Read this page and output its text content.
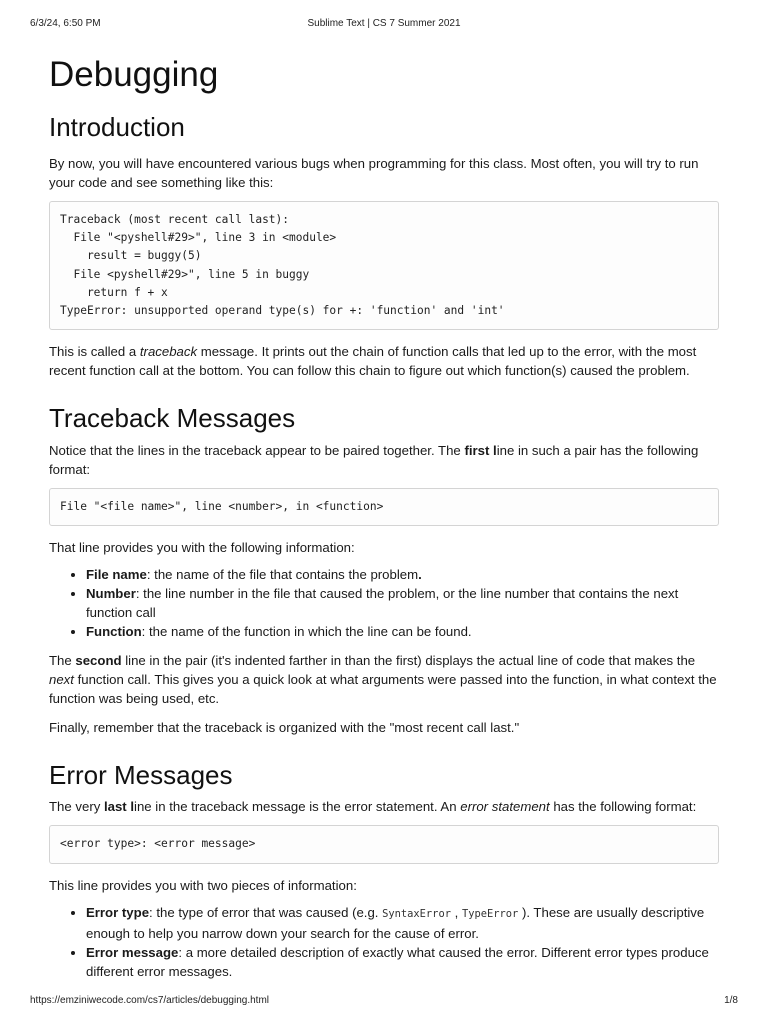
6/3/24, 6:50 PM	Sublime Text | CS 7 Summer 2021
Debugging
Introduction

By now, you will have encountered various bugs when programming for this class. Most often, you will try to run your code and see something like this:

Traceback (most recent call last):
File "<pyshell#29>", line 3 in <module>
result = buggy(5)
File <pyshell#29>", line 5 in buggy
return f + x
TypeError: unsupported operand type(s) for +: 'function' and 'int'

This is called a traceback message. It prints out the chain of function calls that led up to the error, with the most recent function call at the bottom. You can follow this chain to figure out which function(s) caused the problem.

Traceback Messages

Notice that the lines in the traceback appear to be paired together. The first line in such a pair has the following format:

File "<file name>", line <number>, in <function>

That line provides you with the following information:

• File name: the name of the file that contains the problem.
• Number: the line number in the file that caused the problem, or the line number that contains the next function call
• Function: the name of the function in which the line can be found.

The second line in the pair (it's indented farther in than the first) displays the actual line of code that makes the next function call. This gives you a quick look at what arguments were passed into the function, in what context the function was being used, etc.

Finally, remember that the traceback is organized with the "most recent call last."

Error Messages

The very last line in the traceback message is the error statement. An error statement has the following format:

<error type>: <error message>

This line provides you with two pieces of information:

• Error type: the type of error that was caused (e.g. SyntaxError , TypeError ). These are usually descriptive enough to help you narrow down your search for the cause of error.
• Error message: a more detailed description of exactly what caused the error. Different error types produce different error messages.
https://emziniwecode.com/cs7/articles/debugging.html	1/8
